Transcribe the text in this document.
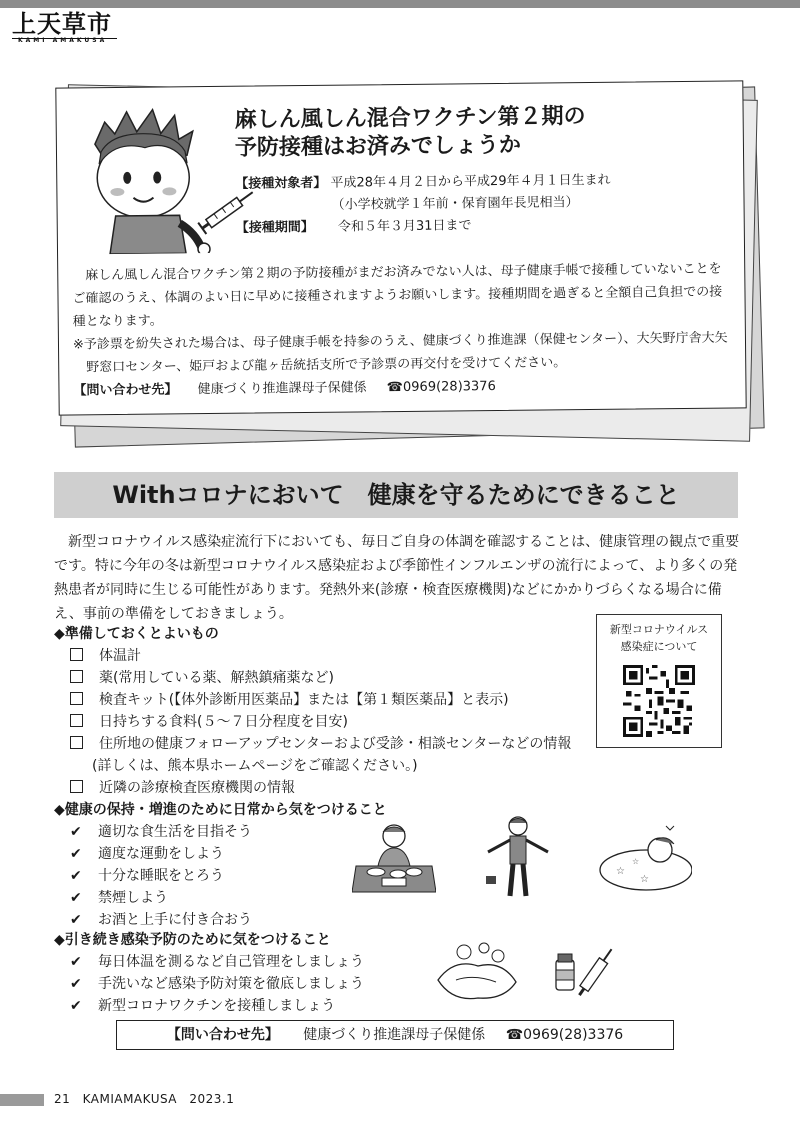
上天草市
KAMI AMAKUSA
麻しん風しん混合ワクチン第２期の
予防接種はお済みでしょうか
【接種対象者】 平成28年４月２日から平成29年４月１日生まれ
（小学校就学１年前・保育園年長児相当）
【接種期間】 令和５年３月31日まで

麻しん風しん混合ワクチン第２期の予防接種がまだお済みでない人は、母子健康手帳で接種していないことをご確認のうえ、体調のよい日に早めに接種されますようお願いします。接種期間を過ぎると全額自己負担での接種となります。

※予診票を紛失された場合は、母子健康手帳を持参のうえ、健康づくり推進課（保健センター）、大矢野庁舎大矢野窓口センター、姫戸および龍ヶ岳統括支所で予診票の再交付を受けてください。

【問い合わせ先】 健康づくり推進課母子保健係 ☎0969(28)3376
Withコロナにおいて　健康を守るためにできること

新型コロナウイルス感染症流行下においても、毎日ご自身の体調を確認することは、健康管理の観点で重要です。特に今年の冬は新型コロナウイルス感染症および季節性インフルエンザの流行によって、より多くの発熱患者が同時に生じる可能性があります。発熱外来(診療・検査医療機関)などにかかりづらくなる場合に備え、事前の準備をしておきましょう。

◆準備しておくとよいもの
体温計
薬(常用している薬、解熱鎮痛薬など)
検査キット(【体外診断用医薬品】または【第１類医薬品】と表示)
日持ちする食料(５～７日分程度を目安)
住所地の健康フォローアップセンターおよび受診・相談センターなどの情報
(詳しくは、熊本県ホームページをご確認ください。)
近隣の診療検査医療機関の情報
新型コロナウイルス
感染症について
◆健康の保持・増進のために日常から気をつけること
✔ 適切な食生活を目指そう
✔ 適度な運動をしよう
✔ 十分な睡眠をとろう
✔ 禁煙しよう
✔ お酒と上手に付き合おう
☆
☆
☆
◆引き続き感染予防のために気をつけること
✔ 毎日体温を測るなど自己管理をしましょう
✔ 手洗いなど感染予防対策を徹底しましょう
✔ 新型コロナワクチンを接種しましょう
【問い合わせ先】 健康づくり推進課母子保健係 ☎0969(28)3376
21 KAMIAMAKUSA 2023.1
